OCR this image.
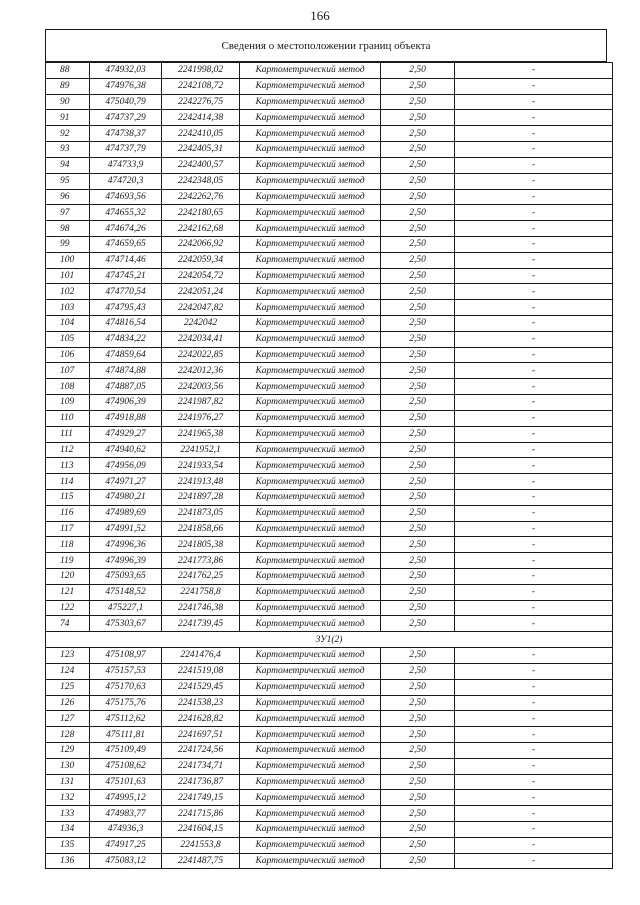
166
Сведения о местоположении границ объекта
88	474932,03	2241998,02	Картометрический метод	2,50	-
89	474976,38	2242108,72	Картометрический метод	2,50	-
90	475040,79	2242276,75	Картометрический метод	2,50	-
91	474737,29	2242414,38	Картометрический метод	2,50	-
92	474738,37	2242410,05	Картометрический метод	2,50	-
93	474737,79	2242405,31	Картометрический метод	2,50	-
94	474733,9	2242400,57	Картометрический метод	2,50	-
95	474720,3	2242348,05	Картометрический метод	2,50	-
96	474693,56	2242262,76	Картометрический метод	2,50	-
97	474655,32	2242180,65	Картометрический метод	2,50	-
98	474674,26	2242162,68	Картометрический метод	2,50	-
99	474659,65	2242066,92	Картометрический метод	2,50	-
100	474714,46	2242059,34	Картометрический метод	2,50	-
101	474745,21	2242054,72	Картометрический метод	2,50	-
102	474770,54	2242051,24	Картометрический метод	2,50	-
103	474795,43	2242047,82	Картометрический метод	2,50	-
104	474816,54	2242042	Картометрический метод	2,50	-
105	474834,22	2242034,41	Картометрический метод	2,50	-
106	474859,64	2242022,85	Картометрический метод	2,50	-
107	474874,88	2242012,36	Картометрический метод	2,50	-
108	474887,05	2242003,56	Картометрический метод	2,50	-
109	474906,39	2241987,82	Картометрический метод	2,50	-
110	474918,88	2241976,27	Картометрический метод	2,50	-
111	474929,27	2241965,38	Картометрический метод	2,50	-
112	474940,62	2241952,1	Картометрический метод	2,50	-
113	474956,09	2241933,54	Картометрический метод	2,50	-
114	474971,27	2241913,48	Картометрический метод	2,50	-
115	474980,21	2241897,28	Картометрический метод	2,50	-
116	474989,69	2241873,05	Картометрический метод	2,50	-
117	474991,52	2241858,66	Картометрический метод	2,50	-
118	474996,36	2241805,38	Картометрический метод	2,50	-
119	474996,39	2241773,86	Картометрический метод	2,50	-
120	475093,65	2241762,25	Картометрический метод	2,50	-
121	475148,52	2241758,8	Картометрический метод	2,50	-
122	475227,1	2241746,38	Картометрический метод	2,50	-
74	475303,67	2241739,45	Картометрический метод	2,50	-
ЗУ1(2)					
123	475108,97	2241476,4	Картометрический метод	2,50	-
124	475157,53	2241519,08	Картометрический метод	2,50	-
125	475170,63	2241529,45	Картометрический метод	2,50	-
126	475175,76	2241538,23	Картометрический метод	2,50	-
127	475112,62	2241628,82	Картометрический метод	2,50	-
128	475111,81	2241697,51	Картометрический метод	2,50	-
129	475109,49	2241724,56	Картометрический метод	2,50	-
130	475108,62	2241734,71	Картометрический метод	2,50	-
131	475101,63	2241736,87	Картометрический метод	2,50	-
132	474995,12	2241749,15	Картометрический метод	2,50	-
133	474983,77	2241715,86	Картометрический метод	2,50	-
134	474936,3	2241604,15	Картометрический метод	2,50	-
135	474917,25	2241553,8	Картометрический метод	2,50	-
136	475083,12	2241487,75	Картометрический метод	2,50	-
